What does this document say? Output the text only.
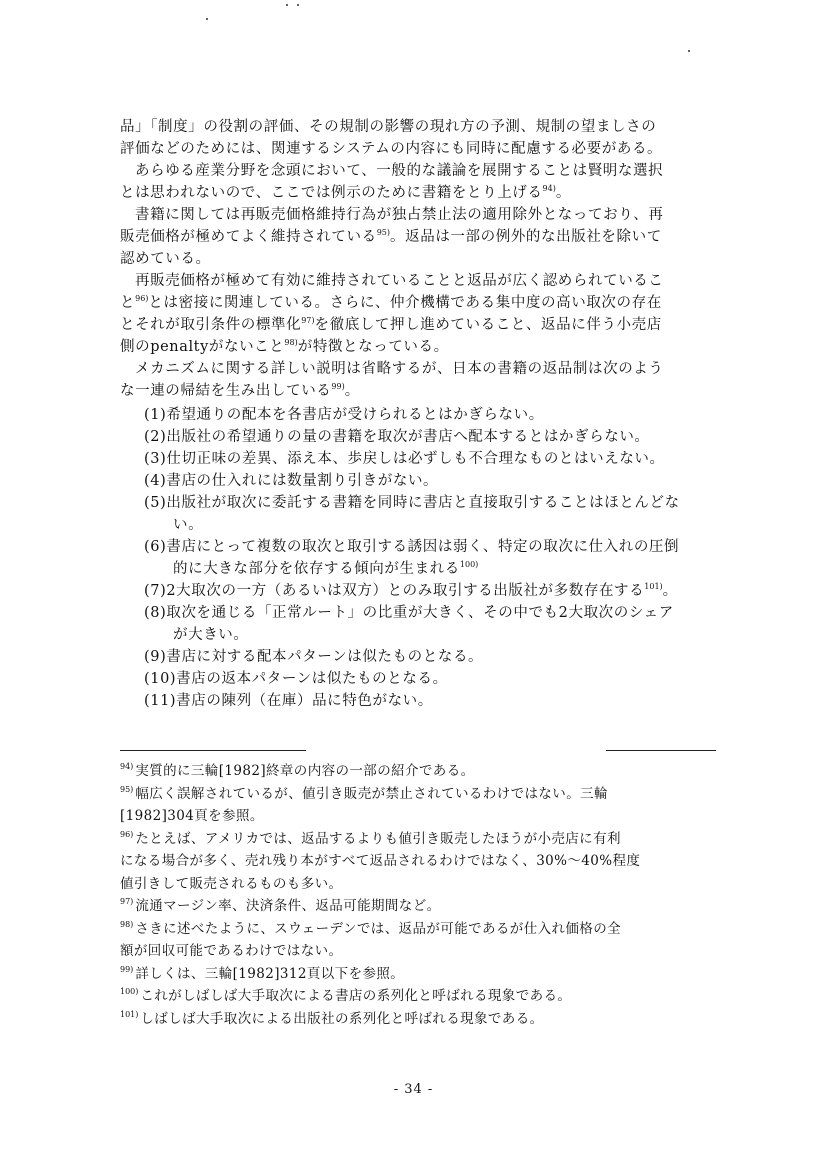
品」「制度」の役割の評価、その規制の影響の現れ方の予測、規制の望ましさの
評価などのためには、関連するシステムの内容にも同時に配慮する必要がある。
あらゆる産業分野を念頭において、一般的な議論を展開することは賢明な選択
とは思われないので、ここでは例示のために書籍をとり上げる$^{94)}$。
書籍に関しては再販売価格維持行為が独占禁止法の適用除外となっており、再
販売価格が極めてよく維持されている$^{95)}$。返品は一部の例外的な出版社を除いて
認めている。
再販売価格が極めて有効に維持されていることと返品が広く認められているこ
と$^{96)}$とは密接に関連している。さらに、仲介機構である集中度の高い取次の存在
とそれが取引条件の標準化$^{97)}$を徹底して押し進めていること、返品に伴う小売店
側のpenaltyがないこと$^{98)}$が特徴となっている。
メカニズムに関する詳しい説明は省略するが、日本の書籍の返品制は次のよう
な一連の帰結を生み出している$^{99)}$。
(1)希望通りの配本を各書店が受けられるとはかぎらない。
(2)出版社の希望通りの量の書籍を取次が書店へ配本するとはかぎらない。
(3)仕切正味の差異、添え本、歩戻しは必ずしも不合理なものとはいえない。
(4)書店の仕入れには数量割り引きがない。
(5)出版社が取次に委託する書籍を同時に書店と直接取引することはほとんどな
い。
(6)書店にとって複数の取次と取引する誘因は弱く、特定の取次に仕入れの圧倒
的に大きな部分を依存する傾向が生まれる$^{100)}$
(7)2大取次の一方（あるいは双方）とのみ取引する出版社が多数存在する$^{101)}$。
(8)取次を通じる「正常ルート」の比重が大きく、その中でも2大取次のシェア
が大きい。
(9)書店に対する配本パターンは似たものとなる。
(10)書店の返本パターンは似たものとなる。
(11)書店の陳列（在庫）品に特色がない。
$^{94)}$ 実質的に三輪[1982]終章の内容の一部の紹介である。
$^{95)}$ 幅広く誤解されているが、値引き販売が禁止されているわけではない。三輪
[1982]304頁を参照。
$^{96)}$ たとえば、アメリカでは、返品するよりも値引き販売したほうが小売店に有利
になる場合が多く、売れ残り本がすべて返品されるわけではなく、30%〜40%程度
値引きして販売されるものも多い。
$^{97)}$ 流通マージン率、決済条件、返品可能期間など。
$^{98)}$ さきに述べたように、スウェーデンでは、返品が可能であるが仕入れ価格の全
額が回収可能であるわけではない。
$^{99)}$ 詳しくは、三輪[1982]312頁以下を参照。
$^{100)}$ これがしばしば大手取次による書店の系列化と呼ばれる現象である。
$^{101)}$ しばしば大手取次による出版社の系列化と呼ばれる現象である。
- 34 -
